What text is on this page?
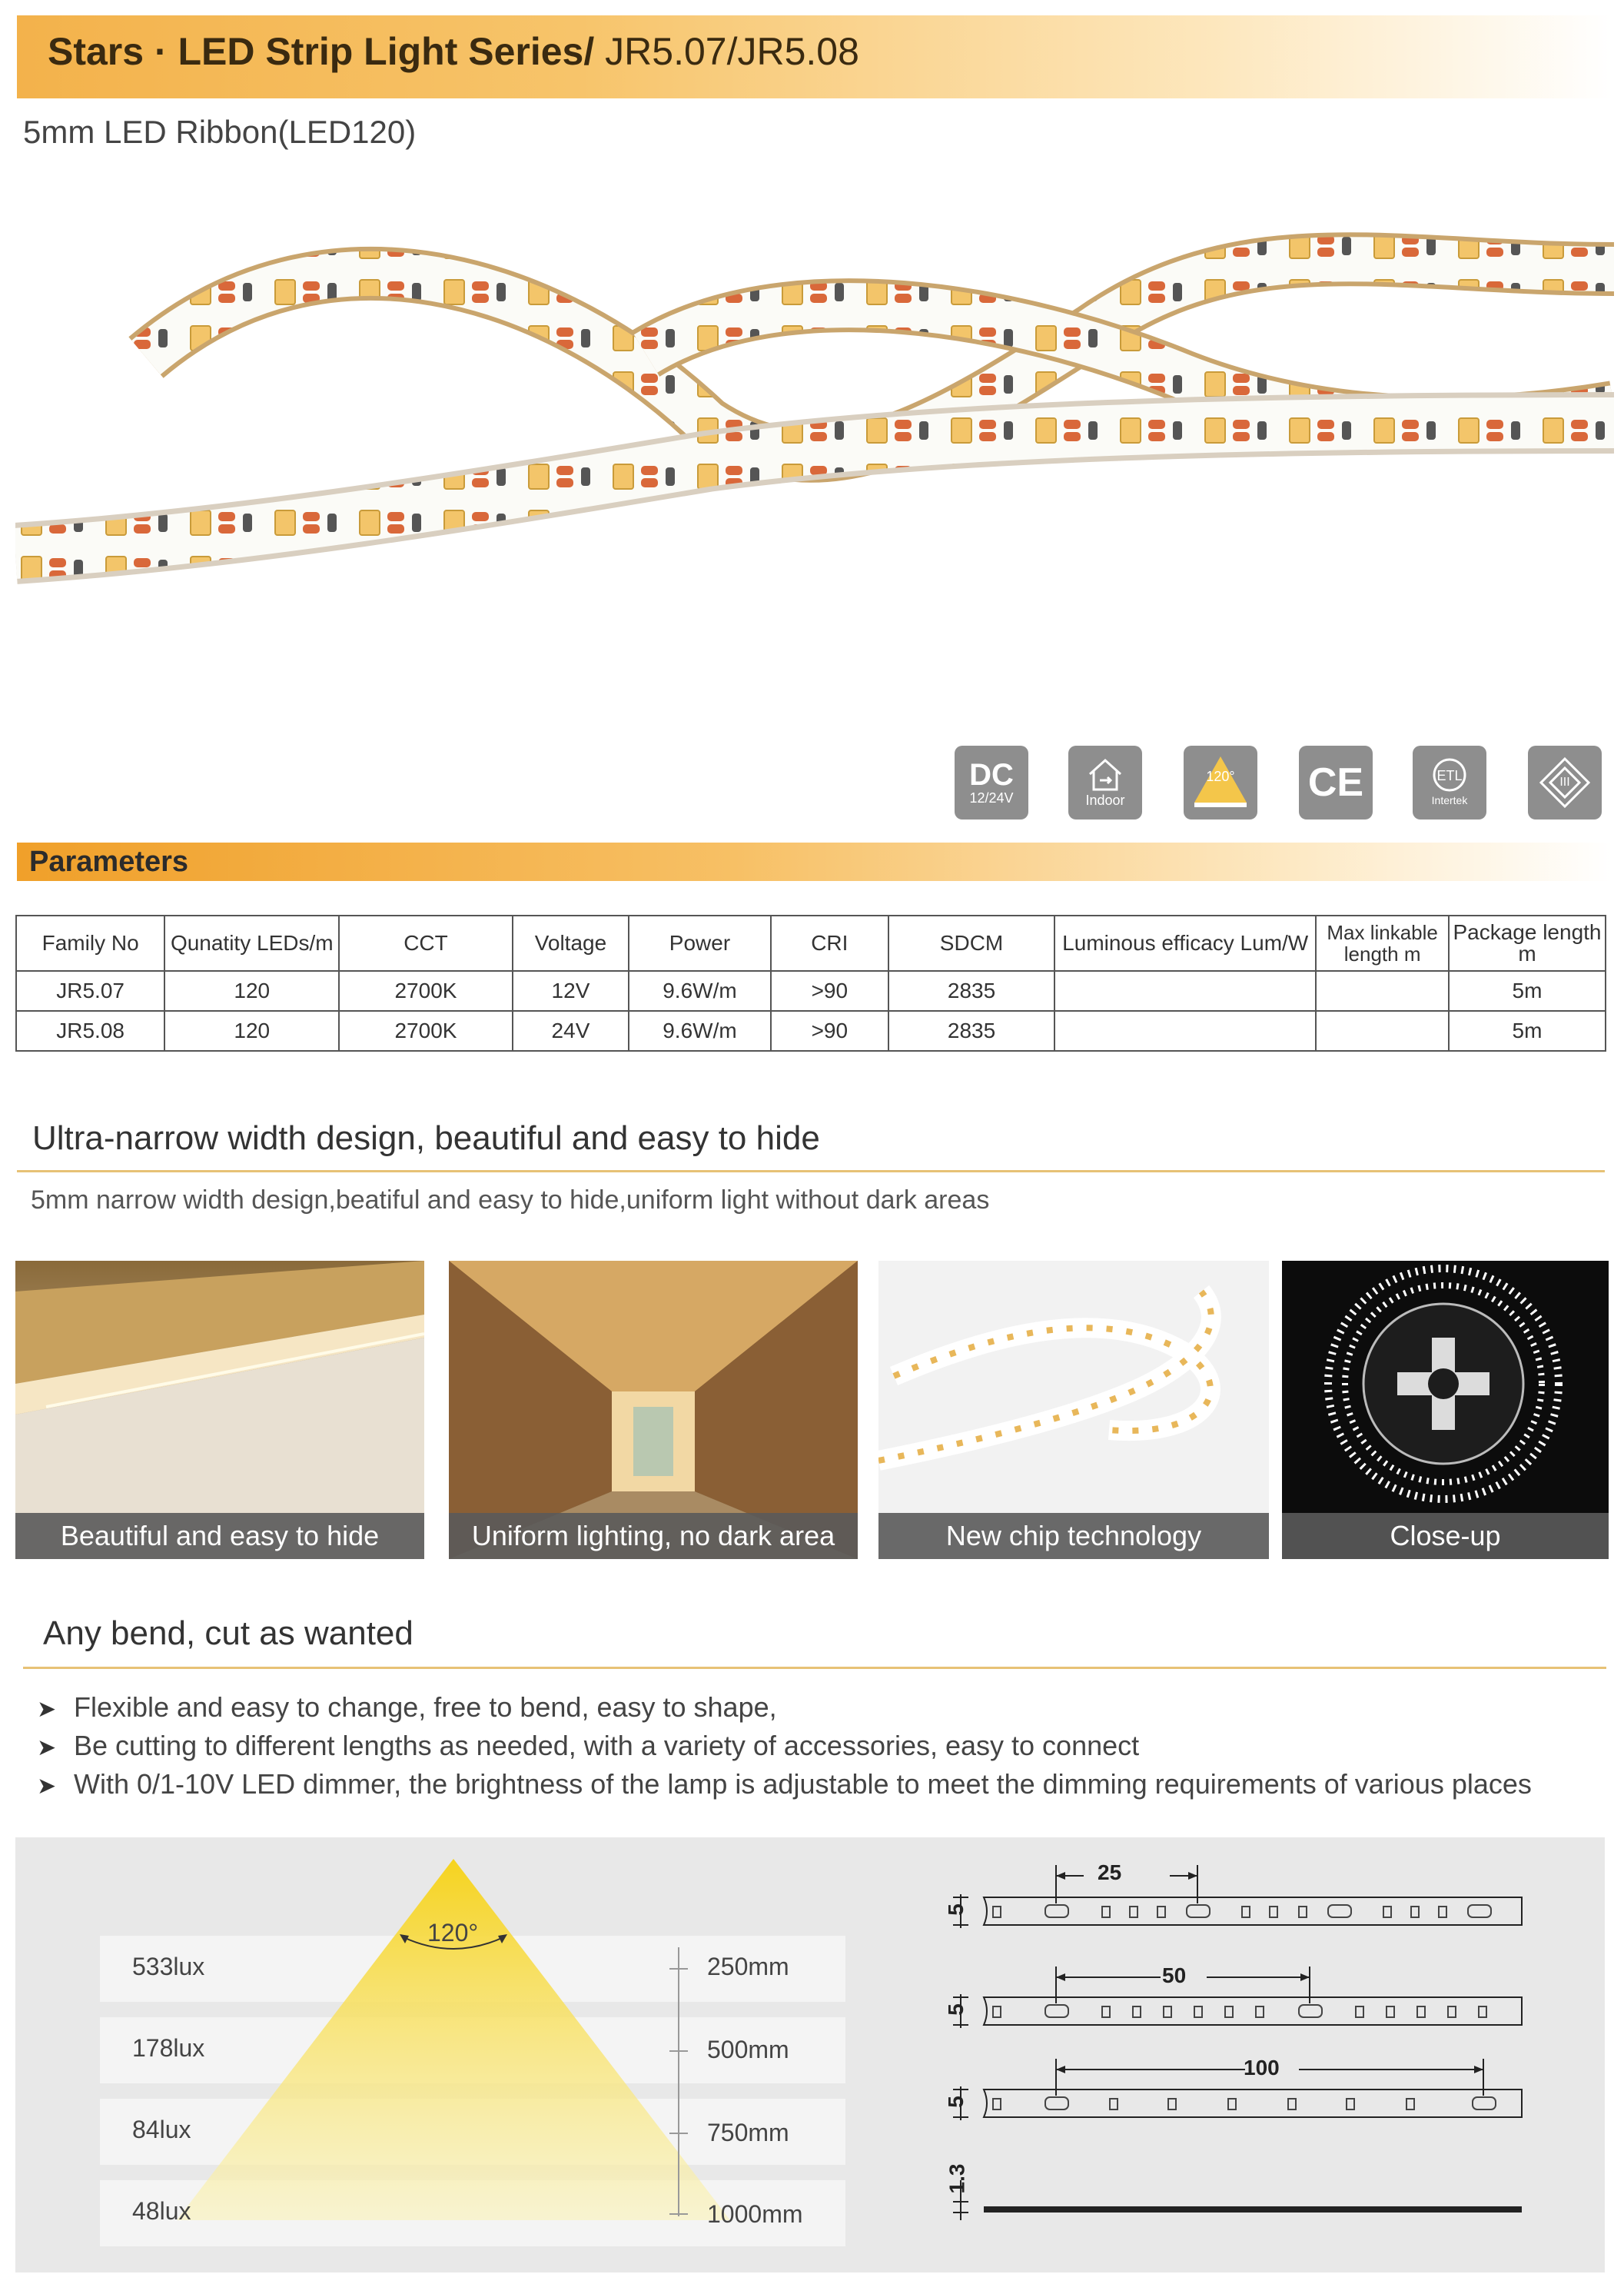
Stars · LED Strip Light Series/ JR5.07/JR5.08
5mm LED Ribbon(LED120)
DC
12/24V	Indoor
120° CE	ETL
Intertek
III
Parameters
Family No	Qunatity LEDs/m	CCT	Voltage	Power	CRI	SDCM	Luminous efficacy Lum/W	Max linkable length m	Package length m
JR5.07	120	2700K	12V	9.6W/m	>90	2835			5m
JR5.08	120	2700K	24V	9.6W/m	>90	2835			5m
Ultra-narrow width design, beautiful and easy to hide
5mm narrow width design,beatiful and easy to hide,uniform light without dark areas
Beautiful and easy to hide	Uniform lighting, no dark area	New chip technology	Close-up
Any bend, cut as wanted
➤ Flexible and easy to change, free to bend, easy to shape,
➤ Be cutting to different lengths as needed, with a variety of accessories, easy to connect
➤ With 0/1-10V LED dimmer, the brightness of the lamp is adjustable to meet the dimming requirements of various places
120°
533lux
178lux
84lux
48lux
250mm
500mm
750mm
1000mm
25
50
100
5
5
5
1.3
